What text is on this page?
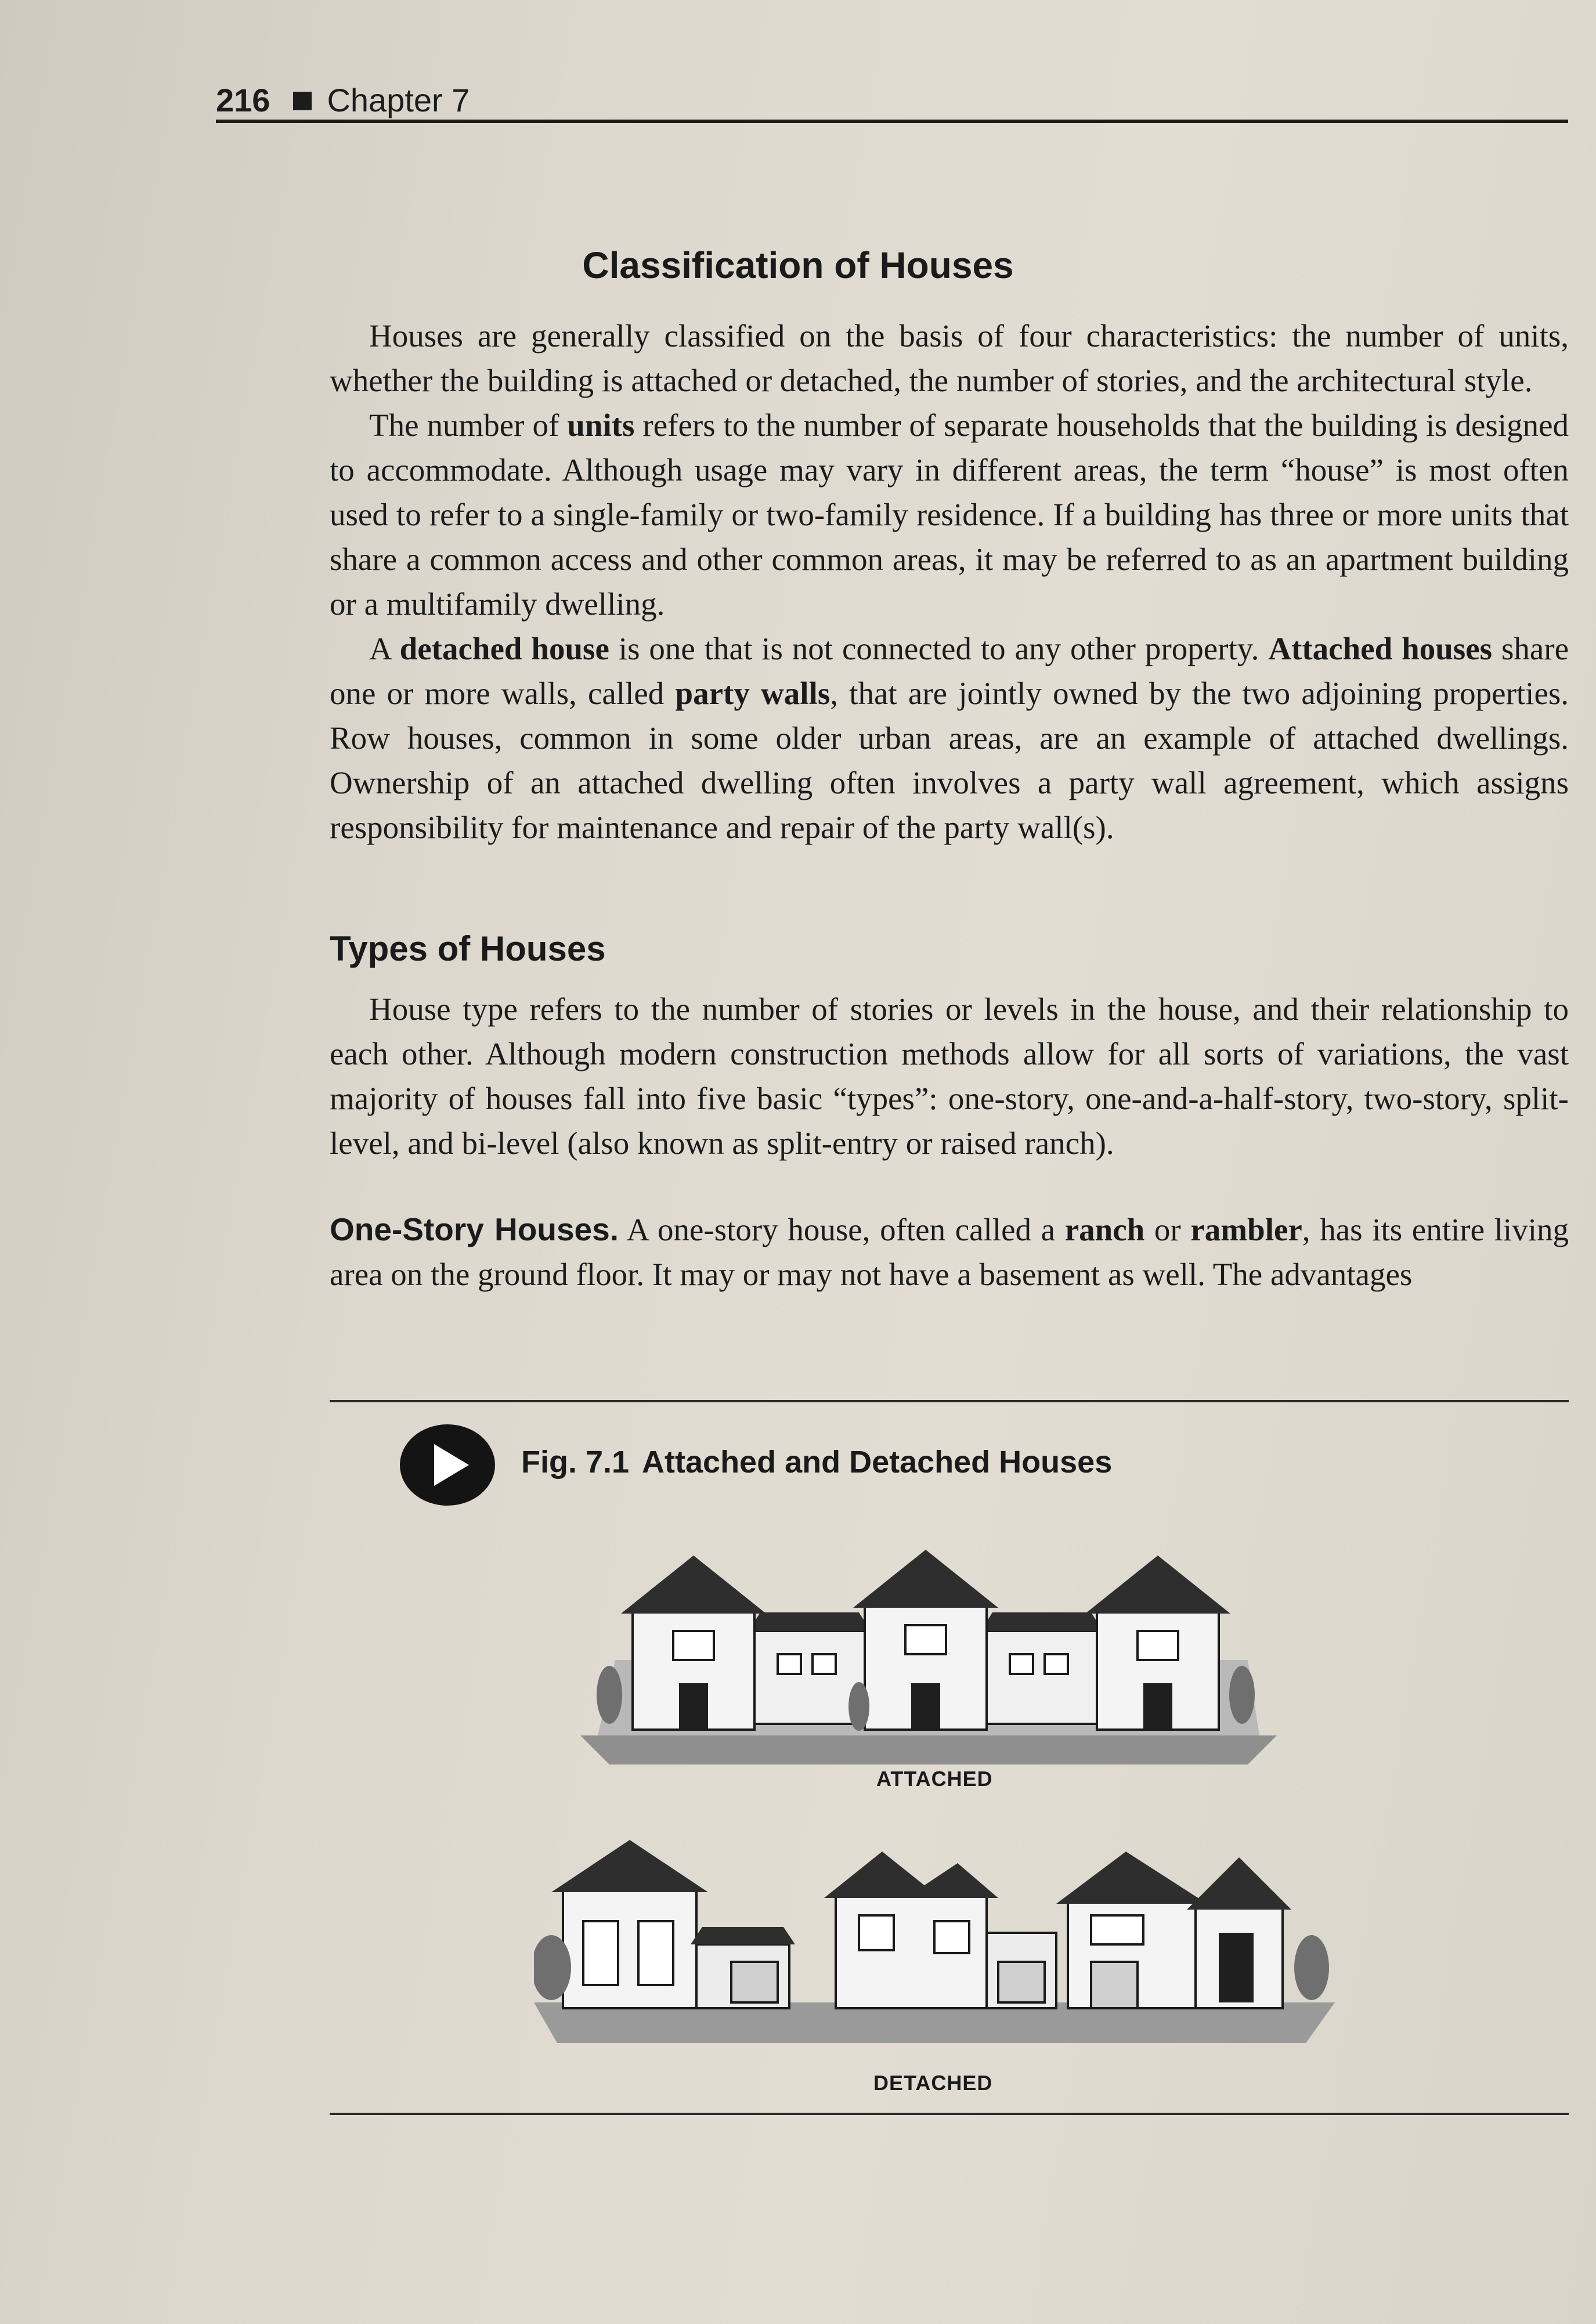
216 Chapter 7
Classification of Houses

Houses are generally classified on the basis of four characteristics: the number of units, whether the building is attached or detached, the number of stories, and the architectural style.

The number of units refers to the number of separate households that the building is designed to accommodate. Although usage may vary in different areas, the term “house” is most often used to refer to a single-family or two-family residence. If a building has three or more units that share a common access and other common areas, it may be referred to as an apartment building or a multifamily dwelling.

A detached house is one that is not connected to any other property. Attached houses share one or more walls, called party walls, that are jointly owned by the two adjoining properties. Row houses, common in some older urban areas, are an example of attached dwellings. Ownership of an attached dwelling often involves a party wall agreement, which assigns responsibility for maintenance and repair of the party wall(s).

Types of Houses

House type refers to the number of stories or levels in the house, and their relationship to each other. Although modern construction methods allow for all sorts of variations, the vast majority of houses fall into five basic “types”: one-story, one-and-a-half-story, two-story, split-level, and bi-level (also known as split-entry or raised ranch).

One-Story Houses. A one-story house, often called a ranch or rambler, has its entire living area on the ground floor. It may or may not have a basement as well. The advantages

Fig. 7.1 Attached and Detached Houses
ATTACHED
DETACHED
